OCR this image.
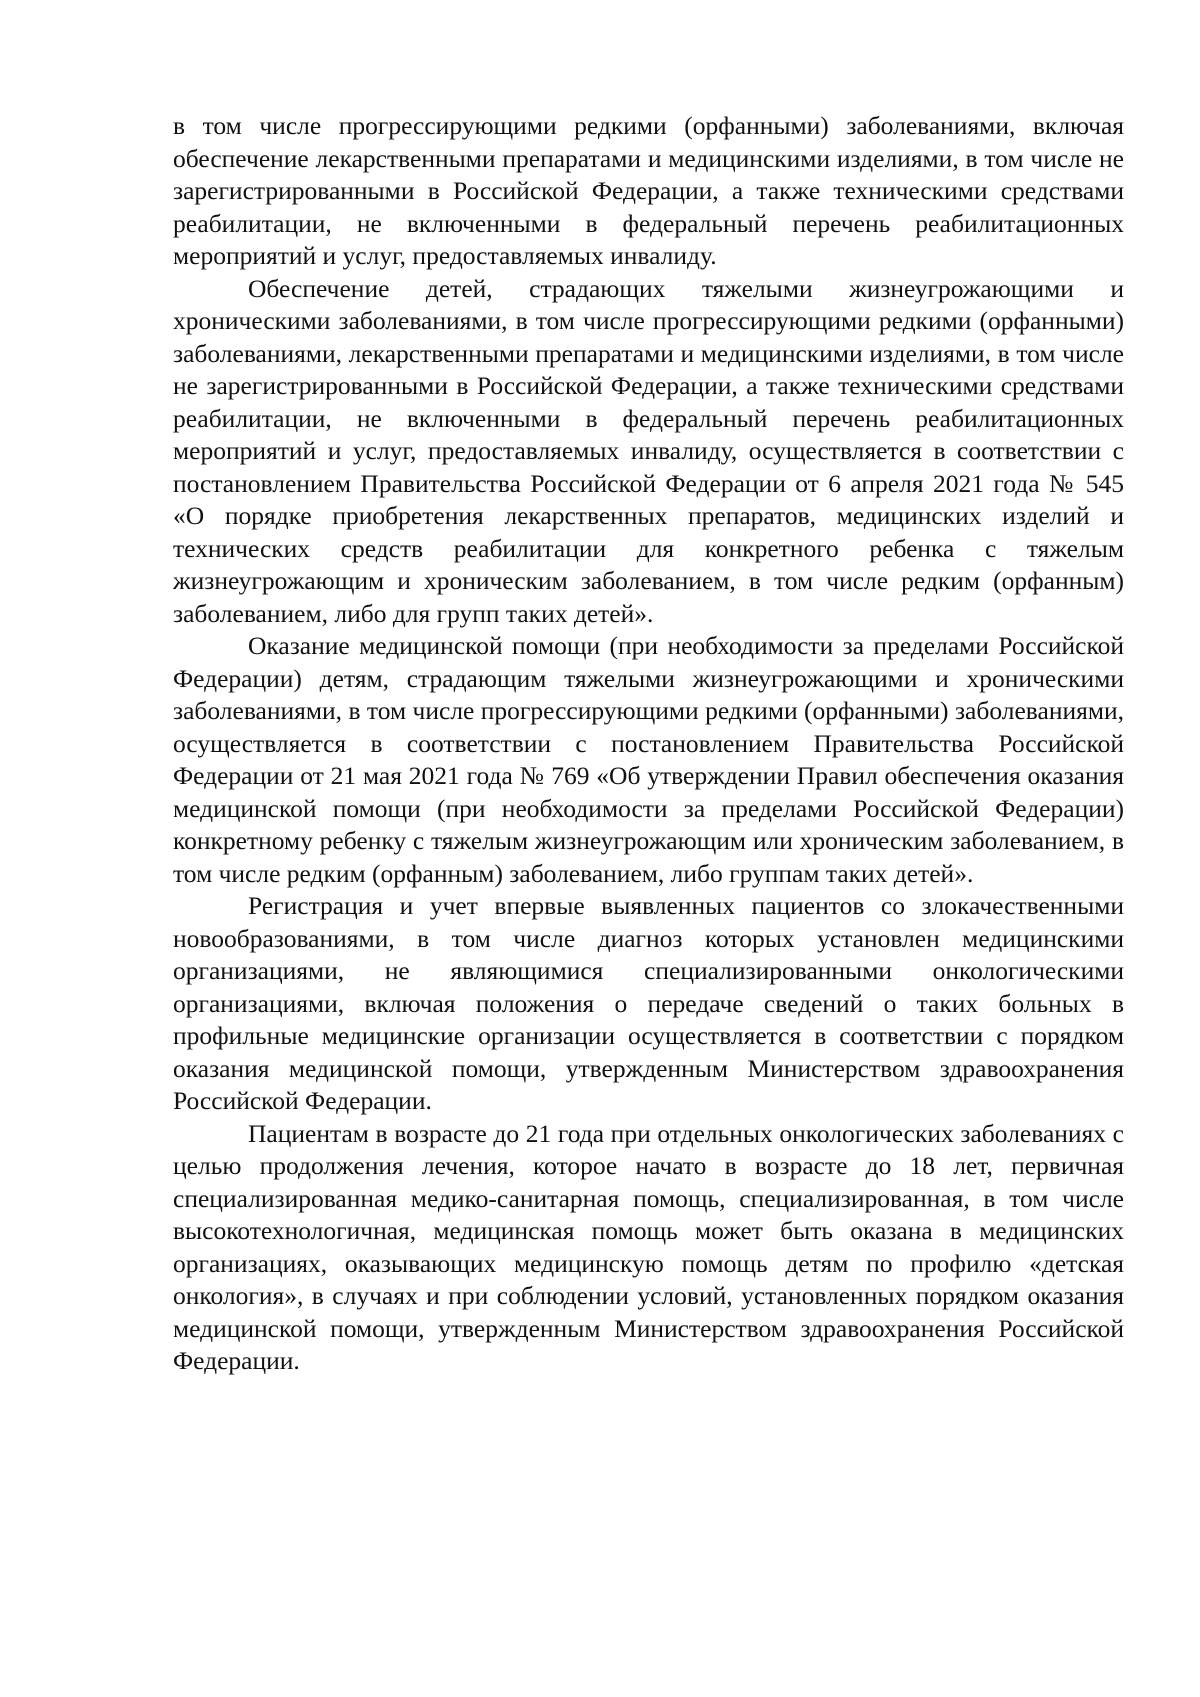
в том числе прогрессирующими редкими (орфанными) заболеваниями, включая обеспечение лекарственными препаратами и медицинскими изделиями, в том числе не зарегистрированными в Российской Федерации, а также техническими средствами реабилитации, не включенными в федеральный перечень реабилитационных мероприятий и услуг, предоставляемых инвалиду.

Обеспечение детей, страдающих тяжелыми жизнеугрожающими и хроническими заболеваниями, в том числе прогрессирующими редкими (орфанными) заболеваниями, лекарственными препаратами и медицинскими изделиями, в том числе не зарегистрированными в Российской Федерации, а также техническими средствами реабилитации, не включенными в федеральный перечень реабилитационных мероприятий и услуг, предоставляемых инвалиду, осуществляется в соответствии с постановлением Правительства Российской Федерации от 6 апреля 2021 года № 545 «О порядке приобретения лекарственных препаратов, медицинских изделий и технических средств реабилитации для конкретного ребенка с тяжелым жизнеугрожающим и хроническим заболеванием, в том числе редким (орфанным) заболеванием, либо для групп таких детей».

Оказание медицинской помощи (при необходимости за пределами Российской Федерации) детям, страдающим тяжелыми жизнеугрожающими и хроническими заболеваниями, в том числе прогрессирующими редкими (орфанными) заболеваниями, осуществляется в соответствии с постановлением Правительства Российской Федерации от 21 мая 2021 года № 769 «Об утверждении Правил обеспечения оказания медицинской помощи (при необходимости за пределами Российской Федерации) конкретному ребенку с тяжелым жизнеугрожающим или хроническим заболеванием, в том числе редким (орфанным) заболеванием, либо группам таких детей».

Регистрация и учет впервые выявленных пациентов со злокачественными новообразованиями, в том числе диагноз которых установлен медицинскими организациями, не являющимися специализированными онкологическими организациями, включая положения о передаче сведений о таких больных в профильные медицинские организации осуществляется в соответствии с порядком оказания медицинской помощи, утвержденным Министерством здравоохранения Российской Федерации.

Пациентам в возрасте до 21 года при отдельных онкологических заболеваниях с целью продолжения лечения, которое начато в возрасте до 18 лет, первичная специализированная медико-санитарная помощь, специализированная, в том числе высокотехнологичная, медицинская помощь может быть оказана в медицинских организациях, оказывающих медицинскую помощь детям по профилю «детская онкология», в случаях и при соблюдении условий, установленных порядком оказания медицинской помощи, утвержденным Министерством здравоохранения Российской Федерации.
